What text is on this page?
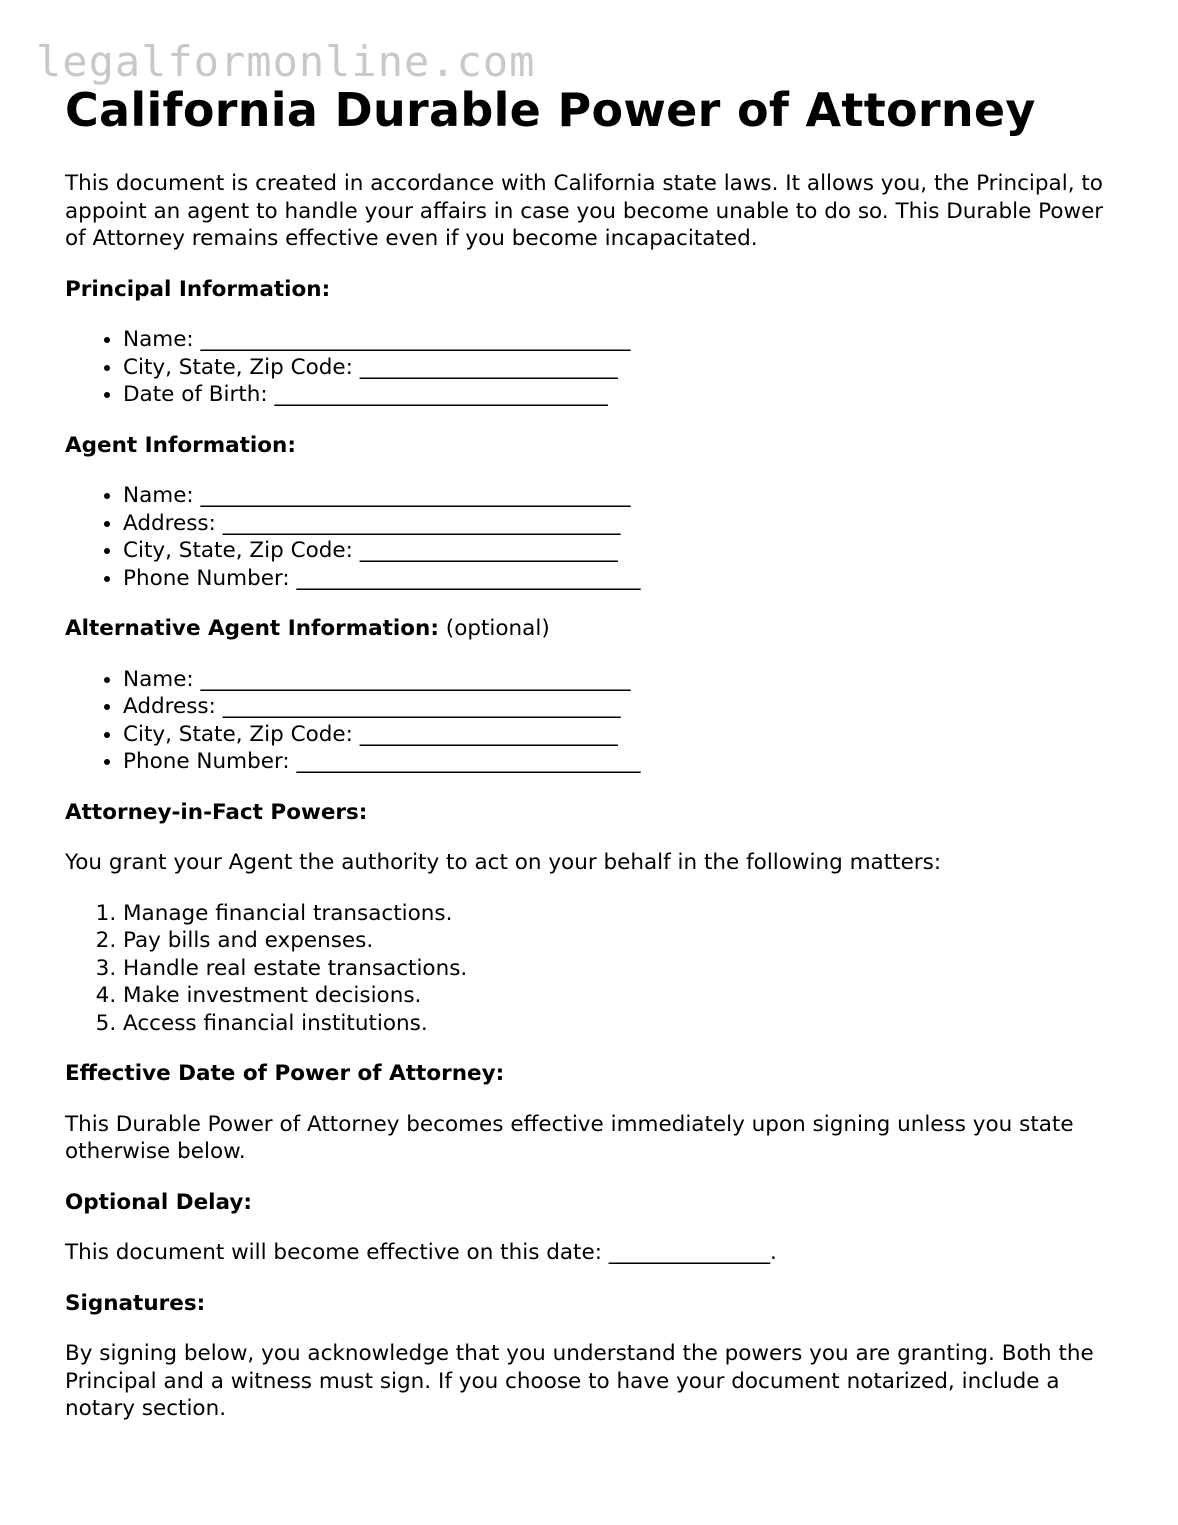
legalformonline.com
California Durable Power of Attorney

This document is created in accordance with California state laws. It allows you, the Principal, to appoint an agent to handle your affairs in case you become unable to do so. This Durable Power of Attorney remains effective even if you become incapacitated.

Principal Information:
• Name: ________________________________________
• City, State, Zip Code: ________________________
• Date of Birth: _______________________________
Agent Information:
• Name: ________________________________________
• Address: _____________________________________
• City, State, Zip Code: ________________________
• Phone Number: ________________________________
Alternative Agent Information: (optional)
• Name: ________________________________________
• Address: _____________________________________
• City, State, Zip Code: ________________________
• Phone Number: ________________________________
Attorney-in-Fact Powers:

You grant your Agent the authority to act on your behalf in the following matters:

1. Manage financial transactions.
2. Pay bills and expenses.
3. Handle real estate transactions.
4. Make investment decisions.
5. Access financial institutions.
Effective Date of Power of Attorney:

This Durable Power of Attorney becomes effective immediately upon signing unless you state otherwise below.

Optional Delay:

This document will become effective on this date: _______________.

Signatures:

By signing below, you acknowledge that you understand the powers you are granting. Both the Principal and a witness must sign. If you choose to have your document notarized, include a notary section.
